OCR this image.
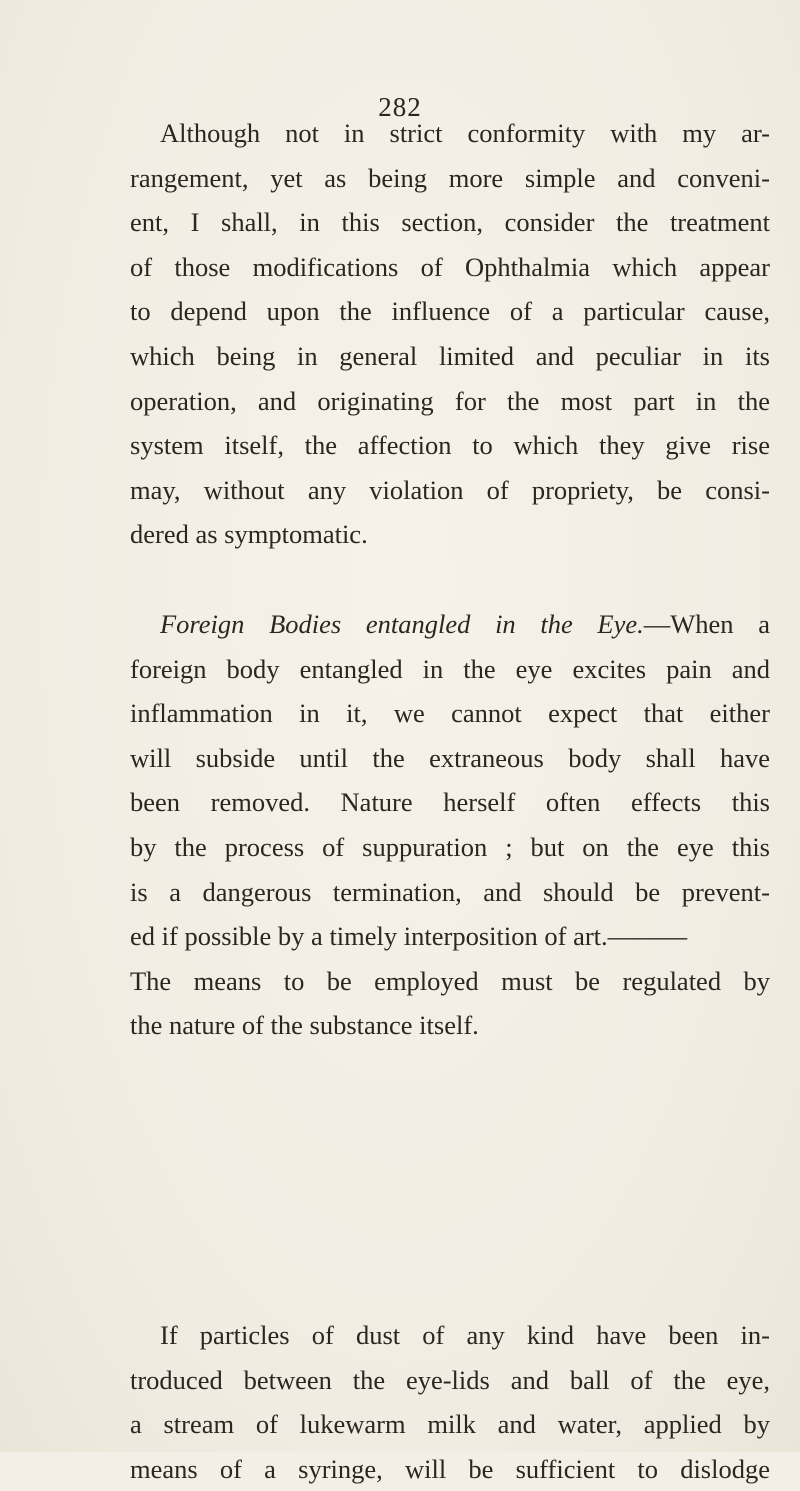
282
Although not in strict conformity with my ar-
rangement, yet as being more simple and conveni-
ent, I shall, in this section, consider the treatment
of those modifications of Ophthalmia which appear
to depend upon the influence of a particular cause,
which being in general limited and peculiar in its
operation, and originating for the most part in the
system itself, the affection to which they give rise
may, without any violation of propriety, be consi-
dered as symptomatic.
Foreign Bodies entangled in the Eye.—When a
foreign body entangled in the eye excites pain and
inflammation in it, we cannot expect that either
will subside until the extraneous body shall have
been removed. Nature herself often effects this
by the process of suppuration ; but on the eye this
is a dangerous termination, and should be prevent-
ed if possible by a timely interposition of art.———
The means to be employed must be regulated by
the nature of the substance itself.
If particles of dust of any kind have been in-
troduced between the eye-lids and ball of the eye,
a stream of lukewarm milk and water, applied by
means of a syringe, will be sufficient to dislodge
